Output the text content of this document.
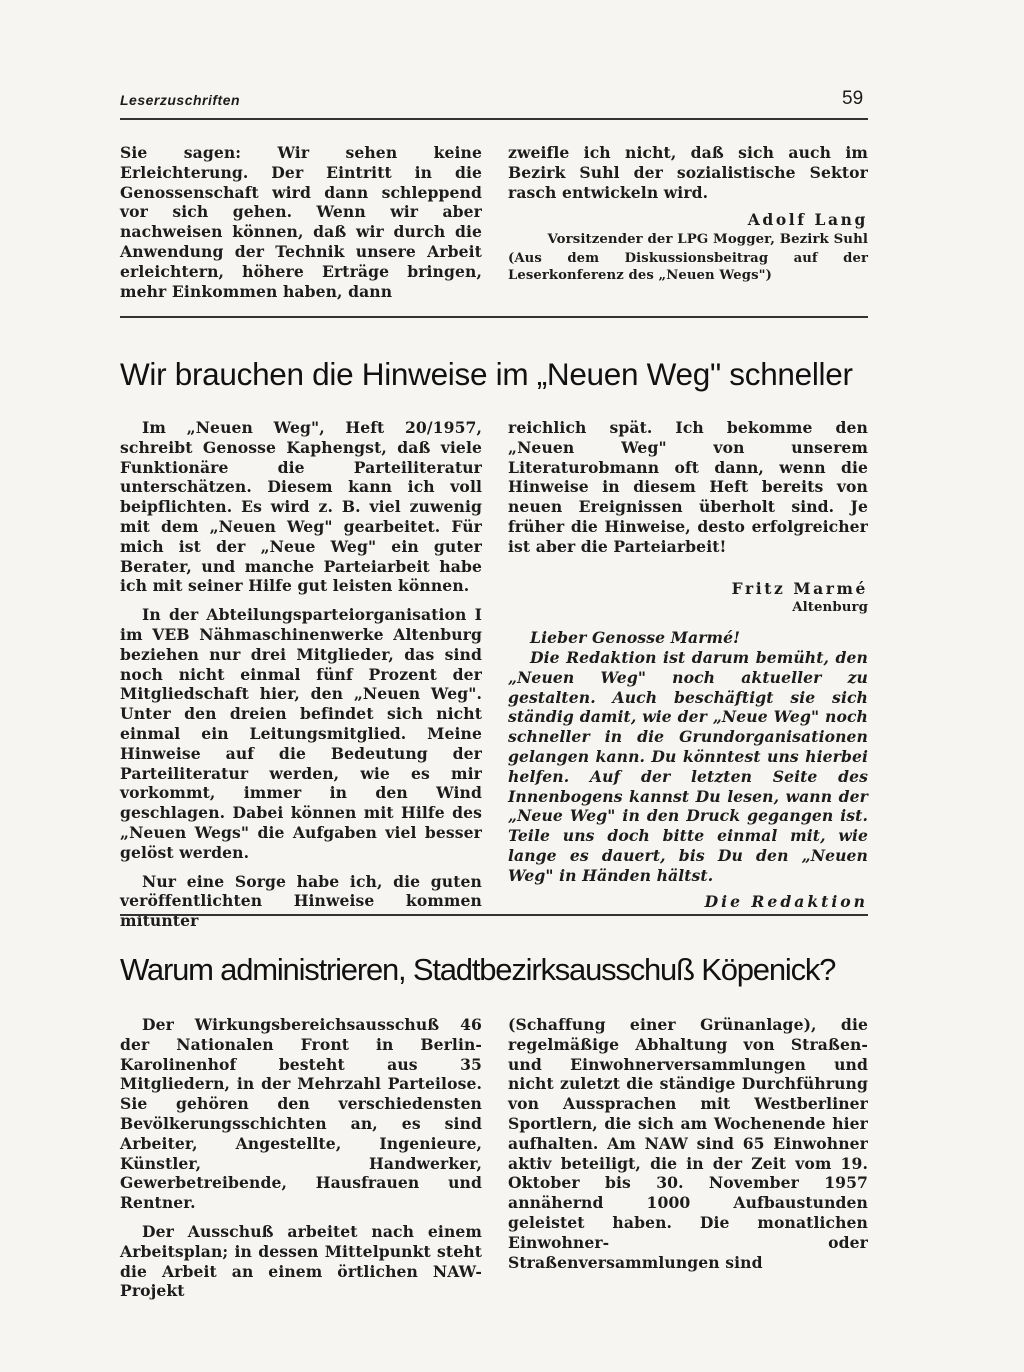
Leserzuschriften	59

Sie sagen: Wir sehen keine Erleichterung. Der Eintritt in die Genossenschaft wird dann schleppend vor sich gehen. Wenn wir aber nachweisen können, daß wir durch die Anwendung der Technik unsere Arbeit erleichtern, höhere Erträge bringen, mehr Einkommen haben, dann

zweifle ich nicht, daß sich auch im Bezirk Suhl der sozialistische Sektor rasch entwickeln wird.

Adolf Lang
Vorsitzender der LPG Mogger, Bezirk Suhl

(Aus dem Diskussionsbeitrag auf der Leserkonferenz des „Neuen Wegs")

Wir brauchen die Hinweise im „Neuen Weg" schneller

Im „Neuen Weg", Heft 20/1957, schreibt Genosse Kaphengst, daß viele Funktionäre die Parteiliteratur unterschätzen. Diesem kann ich voll beipflichten. Es wird z. B. viel zuwenig mit dem „Neuen Weg" gearbeitet. Für mich ist der „Neue Weg" ein guter Berater, und manche Parteiarbeit habe ich mit seiner Hilfe gut leisten können.

In der Abteilungsparteiorganisation I im VEB Nähmaschinenwerke Altenburg beziehen nur drei Mitglieder, das sind noch nicht einmal fünf Prozent der Mitgliedschaft hier, den „Neuen Weg". Unter den dreien befindet sich nicht einmal ein Leitungsmitglied. Meine Hinweise auf die Bedeutung der Parteiliteratur werden, wie es mir vorkommt, immer in den Wind geschlagen. Dabei können mit Hilfe des „Neuen Wegs" die Aufgaben viel besser gelöst werden.

Nur eine Sorge habe ich, die guten veröffentlichten Hinweise kommen mitunter

reichlich spät. Ich bekomme den „Neuen Weg" von unserem Literaturobmann oft dann, wenn die Hinweise in diesem Heft bereits von neuen Ereignissen überholt sind. Je früher die Hinweise, desto erfolgreicher ist aber die Parteiarbeit!

Fritz Marmé
Altenburg

Lieber Genosse Marmé!

Die Redaktion ist darum bemüht, den „Neuen Weg" noch aktueller zu gestalten. Auch beschäftigt sie sich ständig damit, wie der „Neue Weg" noch schneller in die Grundorganisationen gelangen kann. Du könntest uns hierbei helfen. Auf der letzten Seite des Innenbogens kannst Du lesen, wann der „Neue Weg" in den Druck gegangen ist. Teile uns doch bitte einmal mit, wie lange es dauert, bis Du den „Neuen Weg" in Händen hältst.

Die Redaktion
Warum administrieren, Stadtbezirksausschuß Köpenick?

Der Wirkungsbereichsausschuß 46 der Nationalen Front in Berlin-Karolinenhof besteht aus 35 Mitgliedern, in der Mehrzahl Parteilose. Sie gehören den verschiedensten Bevölkerungsschichten an, es sind Arbeiter, Angestellte, Ingenieure, Künstler, Handwerker, Gewerbetreibende, Hausfrauen und Rentner.

Der Ausschuß arbeitet nach einem Arbeitsplan; in dessen Mittelpunkt steht die Arbeit an einem örtlichen NAW-Projekt

(Schaffung einer Grünanlage), die regelmäßige Abhaltung von Straßen- und Einwohnerversammlungen und nicht zuletzt die ständige Durchführung von Aussprachen mit Westberliner Sportlern, die sich am Wochenende hier aufhalten. Am NAW sind 65 Einwohner aktiv beteiligt, die in der Zeit vom 19. Oktober bis 30. November 1957 annähernd 1000 Aufbaustunden geleistet haben. Die monatlichen Einwohner- oder Straßenversammlungen sind
